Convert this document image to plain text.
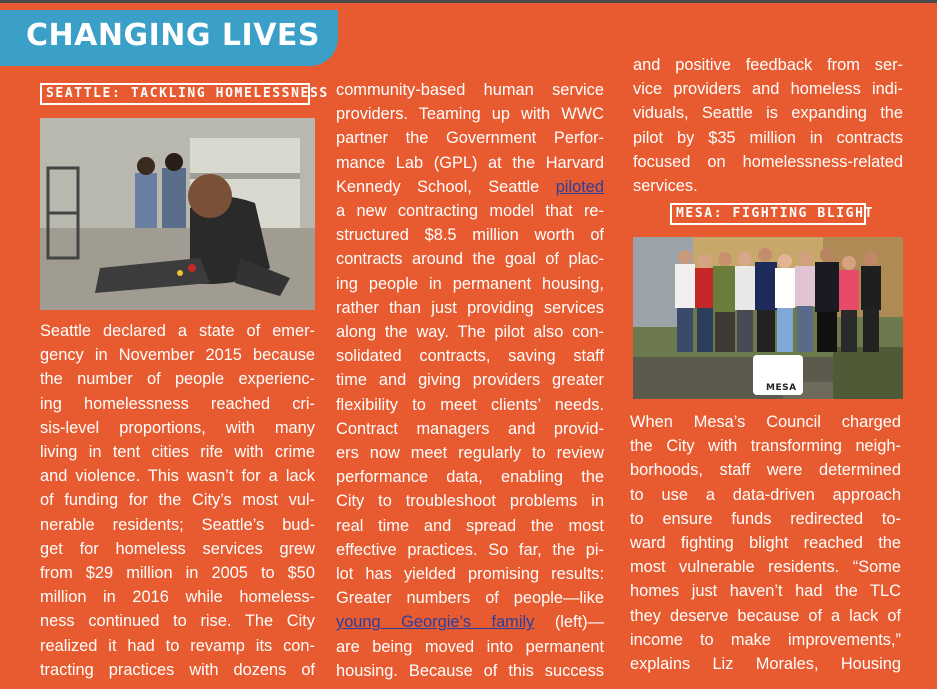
CHANGING LIVES
SEATTLE: TACKLING HOMELESSNESS
Seattle declared a state of emer-
gency in November 2015 because
the number of people experienc-
ing homelessness reached cri-
sis-level proportions, with many
living in tent cities rife with crime
and violence. This wasn’t for a lack
of funding for the City’s most vul-
nerable residents; Seattle’s bud-
get for homeless services grew
from $29 million in 2005 to $50
million in 2016 while homeless-
ness continued to rise. The City
realized it had to revamp its con-
tracting practices with dozens of
community-based human service
providers. Teaming up with WWC
partner the Government Perfor-
mance Lab (GPL) at the Harvard
Kennedy School, Seattle piloted
a new contracting model that re-
structured $8.5 million worth of
contracts around the goal of plac-
ing people in permanent housing,
rather than just providing services
along the way. The pilot also con-
solidated contracts, saving staff
time and giving providers greater
flexibility to meet clients’ needs.
Contract managers and provid-
ers now meet regularly to review
performance data, enabling the
City to troubleshoot problems in
real time and spread the most
effective practices. So far, the pi-
lot has yielded promising results:
Greater numbers of people—like
young Georgie’s family (left)—
are being moved into permanent
housing. Because of this success
and positive feedback from ser-
vice providers and homeless indi-
viduals, Seattle is expanding the
pilot by $35 million in contracts
focused on homelessness-related
services.
MESA: FIGHTING BLIGHT
MESA
When Mesa’s Council charged
the City with transforming neigh-
borhoods, staff were determined
to use a data-driven approach
to ensure funds redirected to-
ward fighting blight reached the
most vulnerable residents. “Some
homes just haven’t had the TLC
they deserve because of a lack of
income to make improvements,”
explains Liz Morales, Housing
